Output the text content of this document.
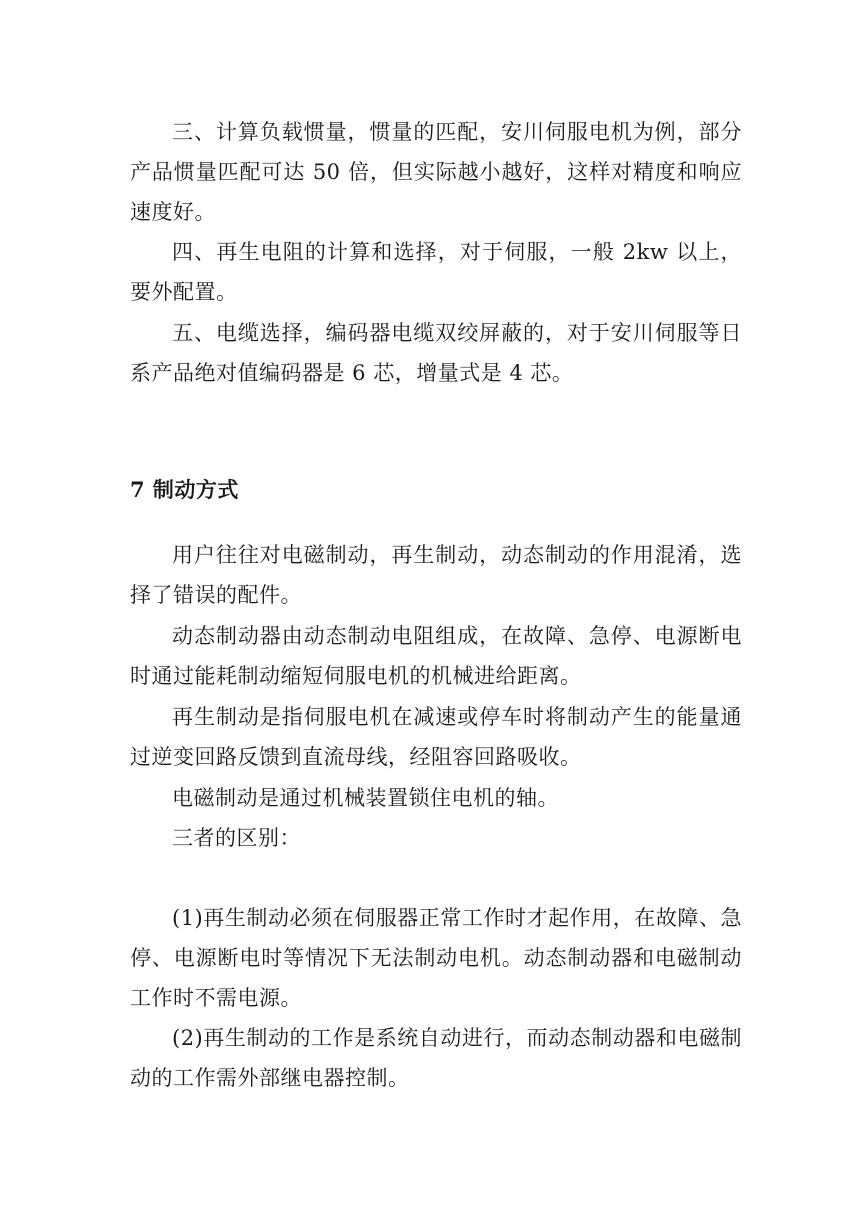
三、计算负载惯量，惯量的匹配，安川伺服电机为例，部分产品惯量匹配可达 50 倍，但实际越小越好，这样对精度和响应速度好。

四、再生电阻的计算和选择，对于伺服，一般 2kw 以上，要外配置。

五、电缆选择，编码器电缆双绞屏蔽的，对于安川伺服等日系产品绝对值编码器是 6 芯，增量式是 4 芯。

7 制动方式

用户往往对电磁制动，再生制动，动态制动的作用混淆，选择了错误的配件。

动态制动器由动态制动电阻组成，在故障、急停、电源断电时通过能耗制动缩短伺服电机的机械进给距离。

再生制动是指伺服电机在减速或停车时将制动产生的能量通过逆变回路反馈到直流母线，经阻容回路吸收。

电磁制动是通过机械装置锁住电机的轴。

三者的区别：

(1)再生制动必须在伺服器正常工作时才起作用，在故障、急停、电源断电时等情况下无法制动电机。动态制动器和电磁制动工作时不需电源。

(2)再生制动的工作是系统自动进行，而动态制动器和电磁制动的工作需外部继电器控制。
